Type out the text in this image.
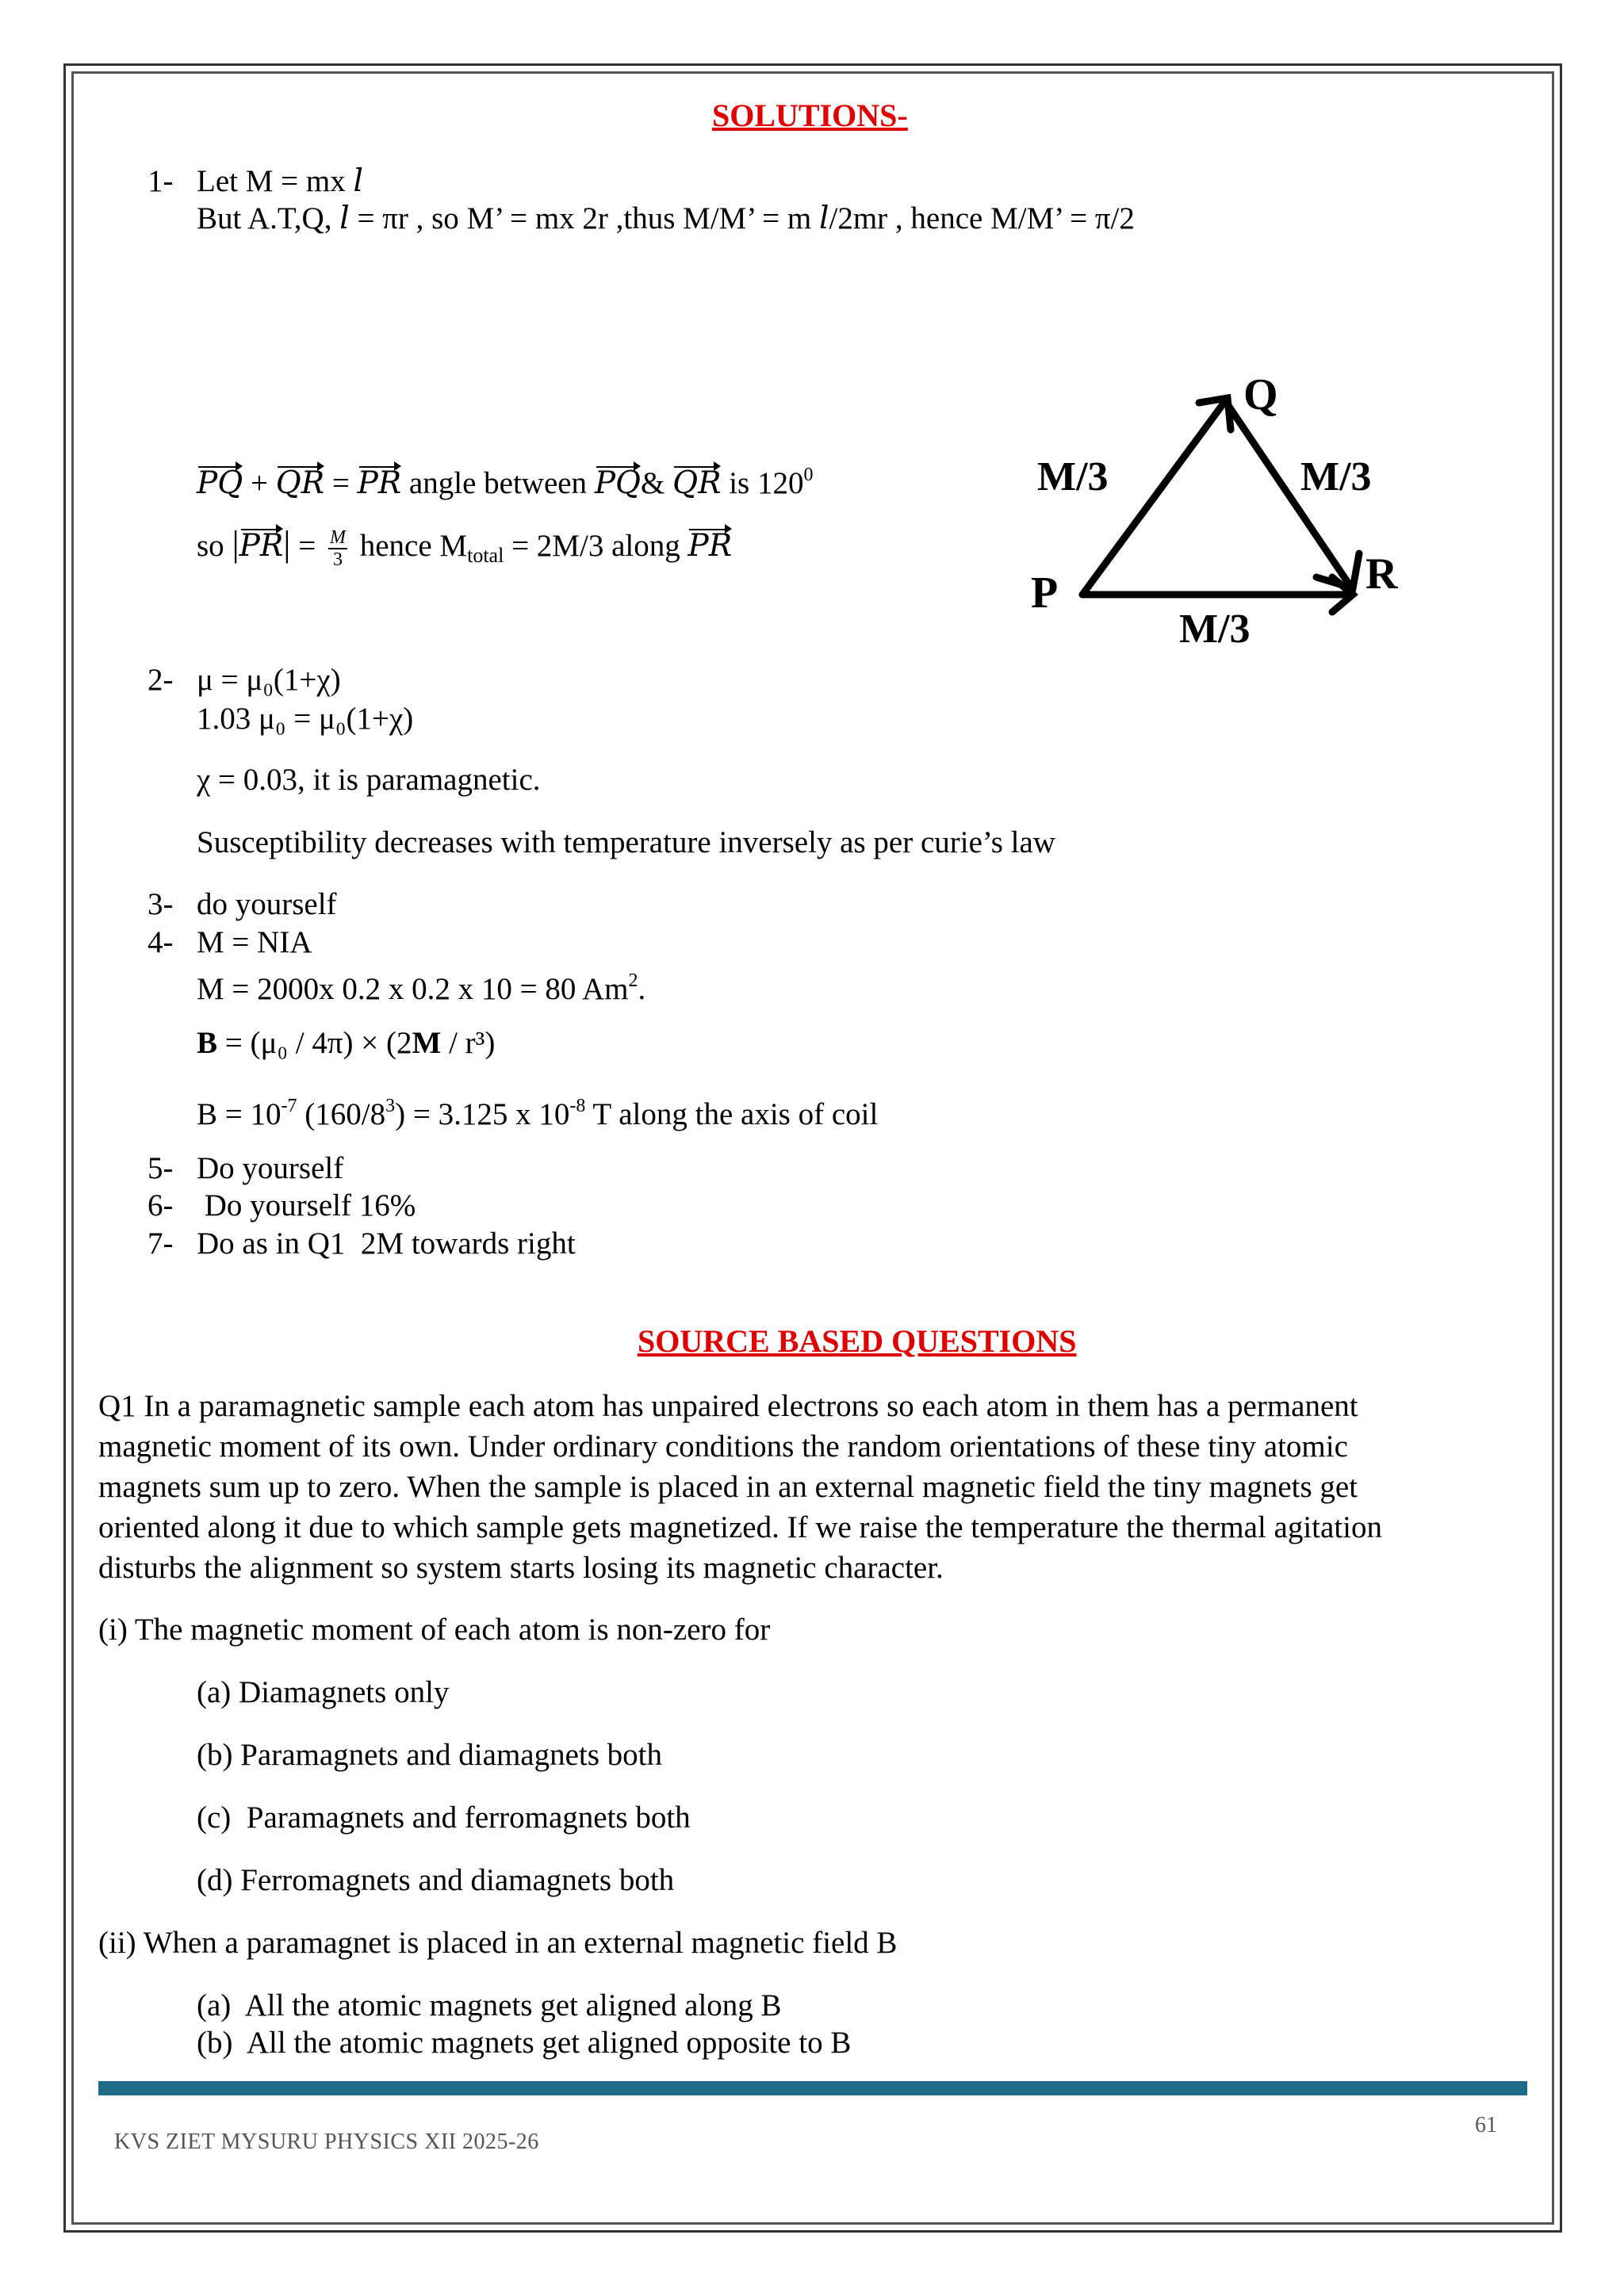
SOLUTIONS-
1- Let M = mx l
But A.T,Q, l = πr , so M’ = mx 2r ,thus M/M’ = m l/2mr , hence M/M’ = π/2
PQ + QR = PR angle between PQ& QR is $120^0$
so $|PR| = \frac{M}{3}$ hence $M_{total} = 2M/3$ along PR
Q
R
P
M/3	M/3
M/3
2- μ = μ₀(1+χ)
1.03 μ₀ = μ₀(1+χ)
χ = 0.03, it is paramagnetic.
Susceptibility decreases with temperature inversely as per curie’s law
3- do yourself
4- M = NIA
M = 2000x 0.2 x 0.2 x 10 = 80 Am$^2$.
B = (μ₀ / 4π) × (2M / r³)
$B = 10^{-7}$ $(160/8^3) = 3.125$ x $10^{-8}$ T along the axis of coil
5- Do yourself
6- Do yourself 16%
7- Do as in Q1  2M towards right
SOURCE BASED QUESTIONS
Q1 In a paramagnetic sample each atom has unpaired electrons so each atom in them has a permanent
magnetic moment of its own. Under ordinary conditions the random orientations of these tiny atomic
magnets sum up to zero. When the sample is placed in an external magnetic field the tiny magnets get
oriented along it due to which sample gets magnetized. If we raise the temperature the thermal agitation
disturbs the alignment so system starts losing its magnetic character.
(i) The magnetic moment of each atom is non-zero for
(a) Diamagnets only
(b) Paramagnets and diamagnets both
(c)  Paramagnets and ferromagnets both
(d) Ferromagnets and diamagnets both
(ii) When a paramagnet is placed in an external magnetic field B
(a)  All the atomic magnets get aligned along B
(b)  All the atomic magnets get aligned opposite to B
KVS ZIET MYSURU PHYSICS XII 2025-26
61
